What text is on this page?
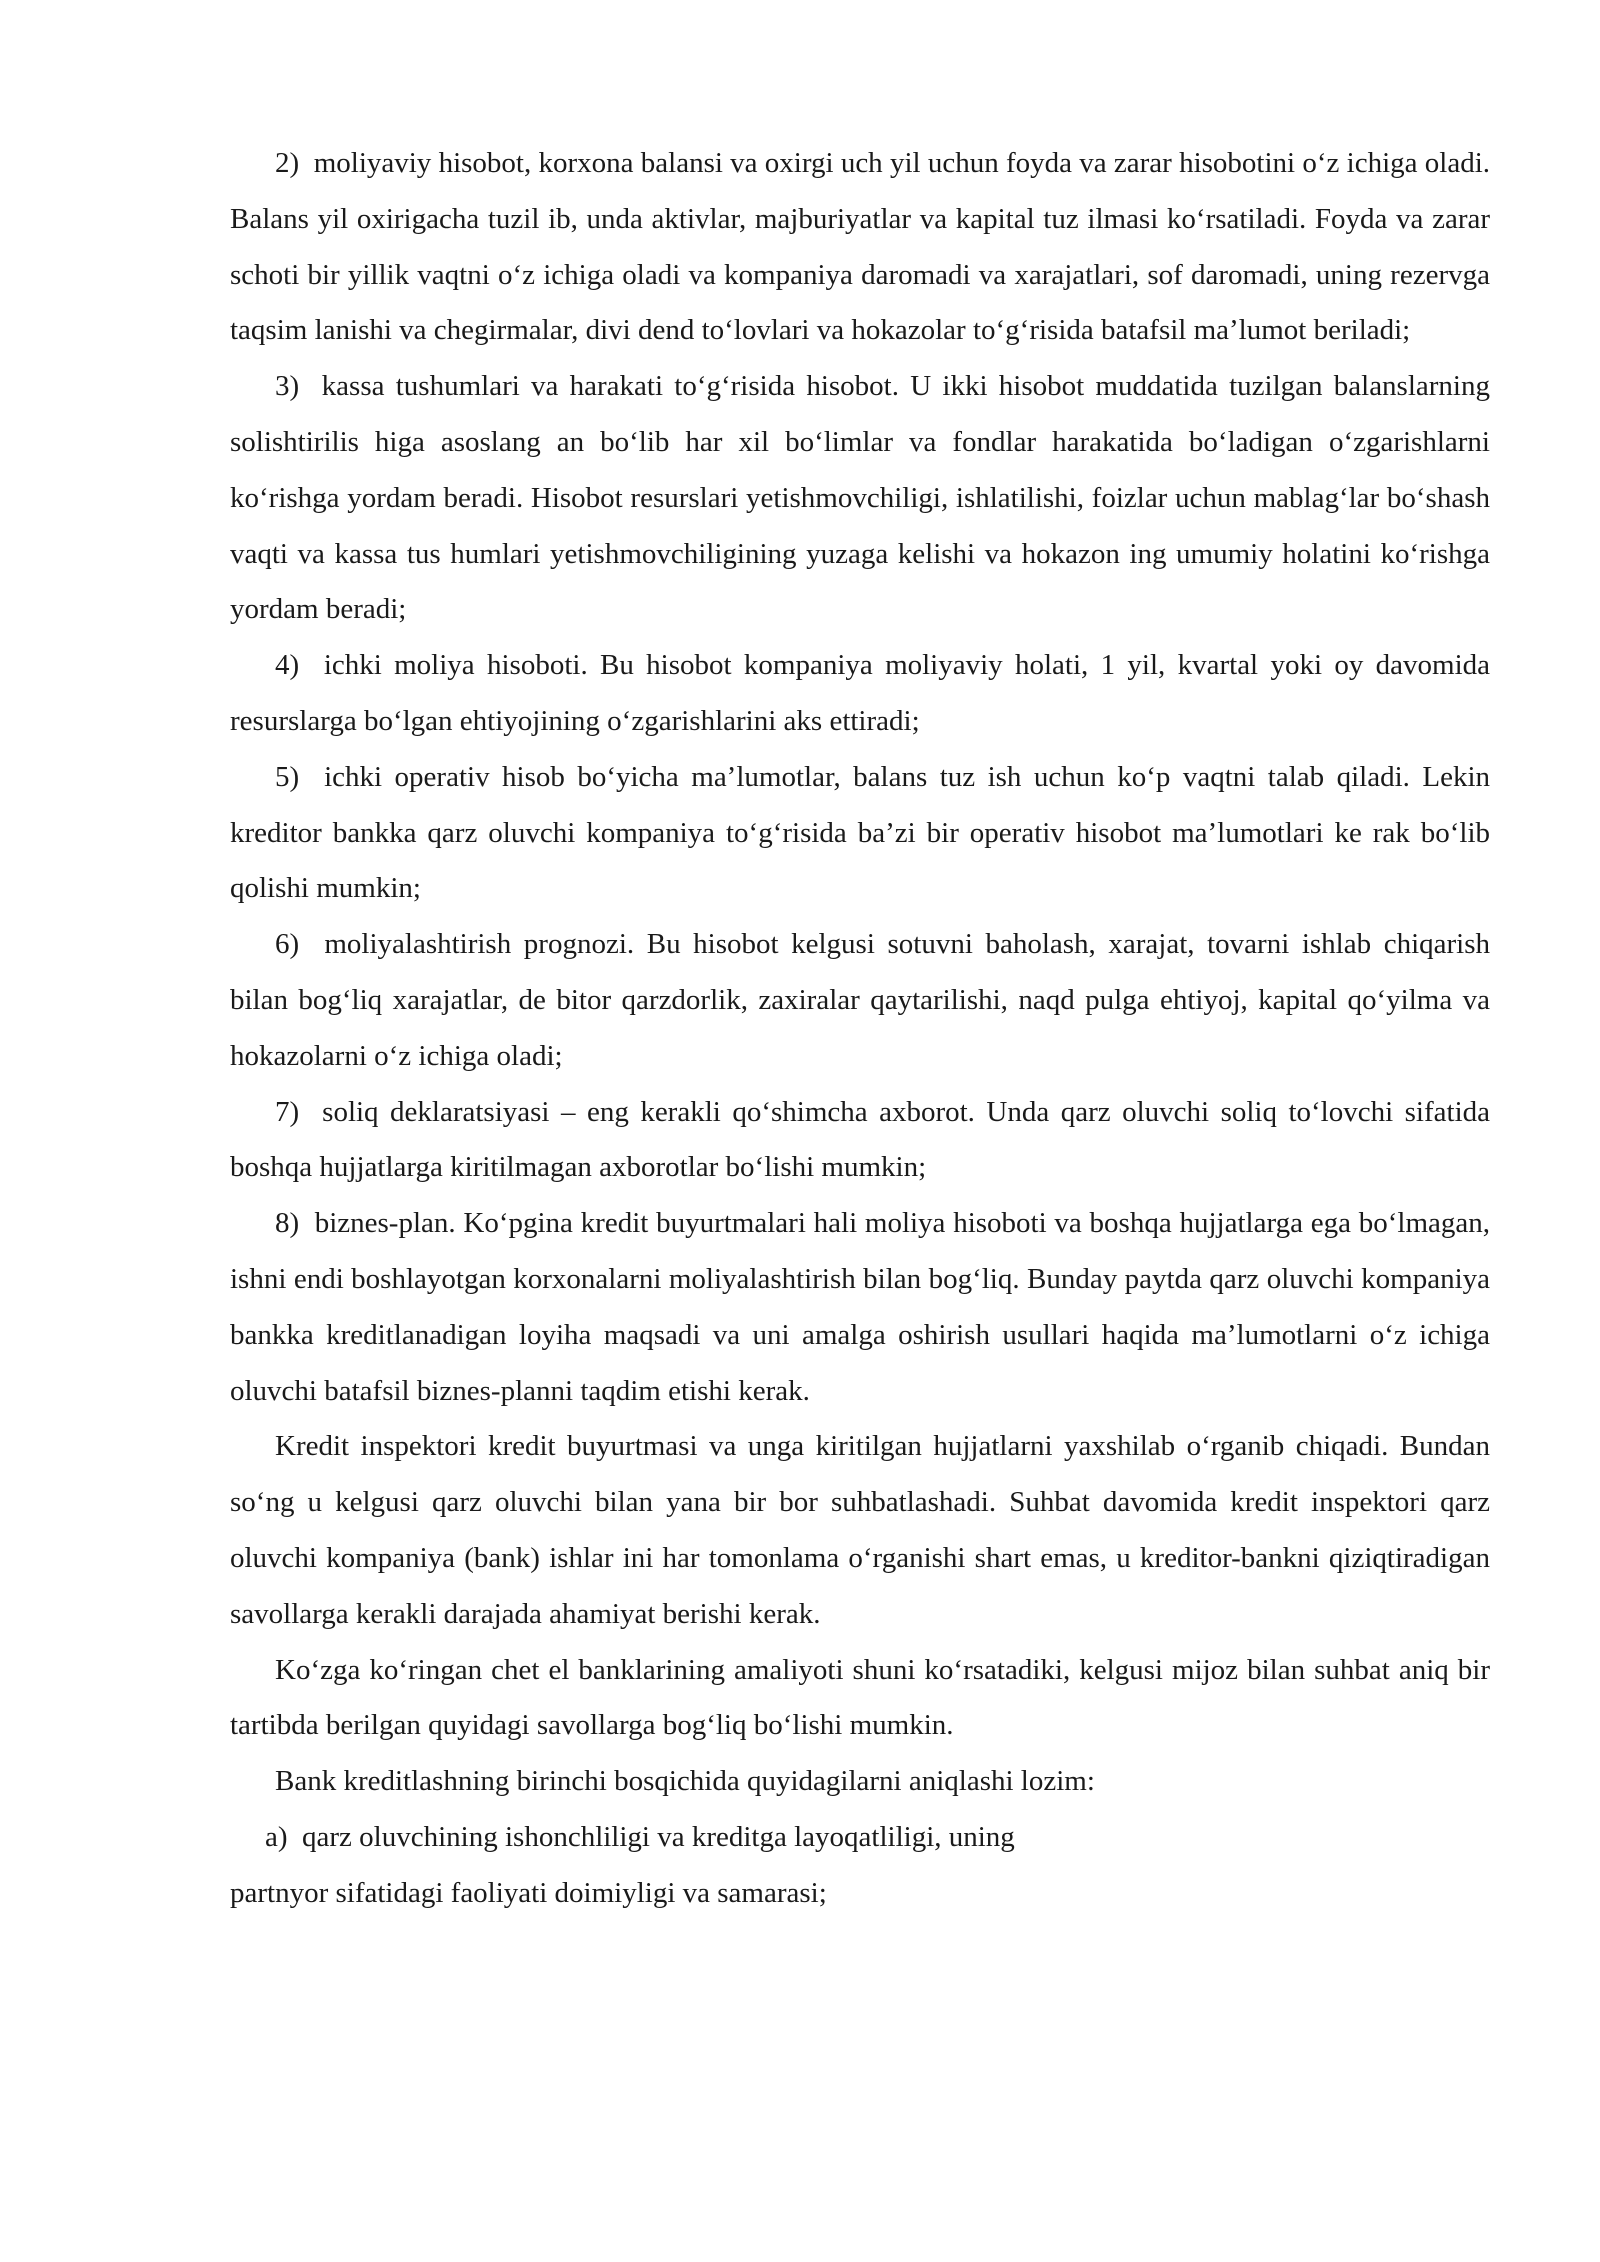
2) moliyaviy hisobot, korxona balansi va oxirgi uch yil uchun foyda va zarar hisobotini o‘z ichiga oladi. Balans yil oxirigacha tuzil ib, unda aktivlar, majburiyatlar va kapital tuz ilmasi ko‘rsatiladi. Foyda va zarar schoti bir yillik vaqtni o‘z ichiga oladi va kompaniya daromadi va xarajatlari, sof daromadi, uning rezervga taqsim lanishi va chegirmalar, divi dend to‘lovlari va hokazolar to‘g‘risida batafsil ma’lumot beriladi;

3) kassa tushumlari va harakati to‘g‘risida hisobot. U ikki hisobot muddatida tuzilgan balanslarning solishtirilis higa asoslang an bo‘lib har xil bo‘limlar va fondlar harakatida bo‘ladigan o‘zgarishlarni ko‘rishga yordam beradi. Hisobot resurslari yetishmovchiligi, ishlatilishi, foizlar uchun mablag‘lar bo‘shash vaqti va kassa tus humlari yetishmovchiligining yuzaga kelishi va hokazon ing umumiy holatini ko‘rishga yordam beradi;

4) ichki moliya hisoboti. Bu hisobot kompaniya moliyaviy holati, 1 yil, kvartal yoki oy davomida resurslarga bo‘lgan ehtiyojining o‘zgarishlarini aks ettiradi;

5) ichki operativ hisob bo‘yicha ma’lumotlar, balans tuz ish uchun ko‘p vaqtni talab qiladi. Lekin kreditor bankka qarz oluvchi kompaniya to‘g‘risida ba’zi bir operativ hisobot ma’lumotlari ke rak bo‘lib qolishi mumkin;

6) moliyalashtirish prognozi. Bu hisobot kelgusi sotuvni baholash, xarajat, tovarni ishlab chiqarish bilan bog‘liq xarajatlar, de bitor qarzdorlik, zaxiralar qaytarilishi, naqd pulga ehtiyoj, kapital qo‘yilma va hokazolarni o‘z ichiga oladi;

7) soliq deklaratsiyasi – eng kerakli qo‘shimcha axborot. Unda qarz oluvchi soliq to‘lovchi sifatida boshqa hujjatlarga kiritilmagan axborotlar bo‘lishi mumkin;

8) biznes-plan. Ko‘pgina kredit buyurtmalari hali moliya hisoboti va boshqa hujjatlarga ega bo‘lmagan, ishni endi boshlayotgan korxonalarni moliyalashtirish bilan bog‘liq. Bunday paytda qarz oluvchi kompaniya bankka kreditlanadigan loyiha maqsadi va uni amalga oshirish usullari haqida ma’lumotlarni o‘z ichiga oluvchi batafsil biznes-planni taqdim etishi kerak.

Kredit inspektori kredit buyurtmasi va unga kiritilgan hujjatlarni yaxshilab o‘rganib chiqadi. Bundan so‘ng u kelgusi qarz oluvchi bilan yana bir bor suhbatlashadi. Suhbat davomida kredit inspektori qarz oluvchi kompaniya (bank) ishlar ini har tomonlama o‘rganishi shart emas, u kreditor-bankni qiziqtiradigan savollarga kerakli darajada ahamiyat berishi kerak.

Ko‘zga ko‘ringan chet el banklarining amaliyoti shuni ko‘rsatadiki, kelgusi mijoz bilan suhbat aniq bir tartibda berilgan quyidagi savollarga bog‘liq bo‘lishi mumkin.

Bank kreditlashning birinchi bosqichida quyidagilarni aniqlashi lozim:

a) qarz oluvchining ishonchliligi va kreditga layoqatliligi, uning

partnyor sifatidagi faoliyati doimiyligi va samarasi;
